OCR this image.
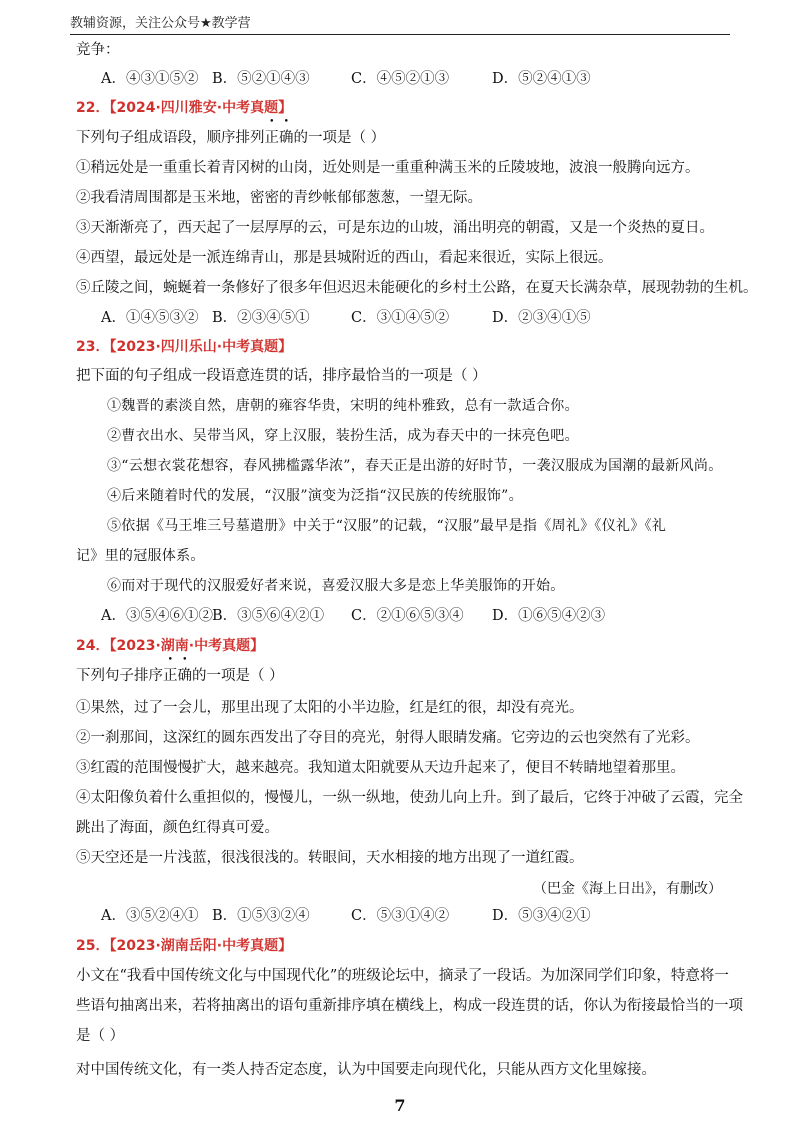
教辅资源，关注公众号★教学营
竞争：
A．④③①⑤② B．⑤②①④③	C．④⑤②①③	D．⑤②④①③
22．【2024·四川雅安·中考真题】
下列句子组成语段，顺序排列正确的一项是（ ）
①稍远处是一重重长着青冈树的山岗，近处则是一重重种满玉米的丘陵坡地，波浪一般腾向远方。
②我看清周围都是玉米地，密密的青纱帐郁郁葱葱，一望无际。
③天渐渐亮了，西天起了一层厚厚的云，可是东边的山坡，涌出明亮的朝霞，又是一个炎热的夏日。
④西望，最远处是一派连绵青山，那是县城附近的西山，看起来很近，实际上很远。
⑤丘陵之间，蜿蜒着一条修好了很多年但迟迟未能硬化的乡村土公路，在夏天长满杂草，展现勃勃的生机。
A．①④⑤③② B．②③④⑤①	C．③①④⑤②	D．②③④①⑤
23．【2023·四川乐山·中考真题】
把下面的句子组成一段语意连贯的话，排序最恰当的一项是（ ）
①魏晋的素淡自然，唐朝的雍容华贵，宋明的纯朴雅致，总有一款适合你。
②曹衣出水、吴带当风，穿上汉服，装扮生活，成为春天中的一抹亮色吧。
③“云想衣裳花想容，春风拂槛露华浓”，春天正是出游的好时节，一袭汉服成为国潮的最新风尚。
④后来随着时代的发展，“汉服”演变为泛指“汉民族的传统服饰”。
⑤依据《马王堆三号墓遣册》中关于“汉服”的记载，“汉服”最早是指《周礼》《仪礼》《礼
记》里的冠服体系。
⑥而对于现代的汉服爱好者来说，喜爱汉服大多是恋上华美服饰的开始。
A．③⑤④⑥①② B．③⑤⑥④②① C．②①⑥⑤③④ D．①⑥⑤④②③
24．【2023·湖南·中考真题】
下列句子排序正确的一项是（ ）
①果然，过了一会儿，那里出现了太阳的小半边脸，红是红的很，却没有亮光。
②一刹那间，这深红的圆东西发出了夺目的亮光，射得人眼睛发痛。它旁边的云也突然有了光彩。
③红霞的范围慢慢扩大，越来越亮。我知道太阳就要从天边升起来了，便目不转睛地望着那里。
④太阳像负着什么重担似的，慢慢儿，一纵一纵地，使劲儿向上升。到了最后，它终于冲破了云霞，完全
跳出了海面，颜色红得真可爱。
⑤天空还是一片浅蓝，很浅很浅的。转眼间，天水相接的地方出现了一道红霞。
（巴金《海上日出》，有删改）
A．③⑤②④① B．①⑤③②④	C．⑤③①④②	D．⑤③④②①
25．【2023·湖南岳阳·中考真题】
小文在“我看中国传统文化与中国现代化”的班级论坛中，摘录了一段话。为加深同学们印象，特意将一
些语句抽离出来，若将抽离出的语句重新排序填在横线上，构成一段连贯的话，你认为衔接最恰当的一项
是（ ）
对中国传统文化，有一类人持否定态度，认为中国要走向现代化，只能从西方文化里嫁接。
7
